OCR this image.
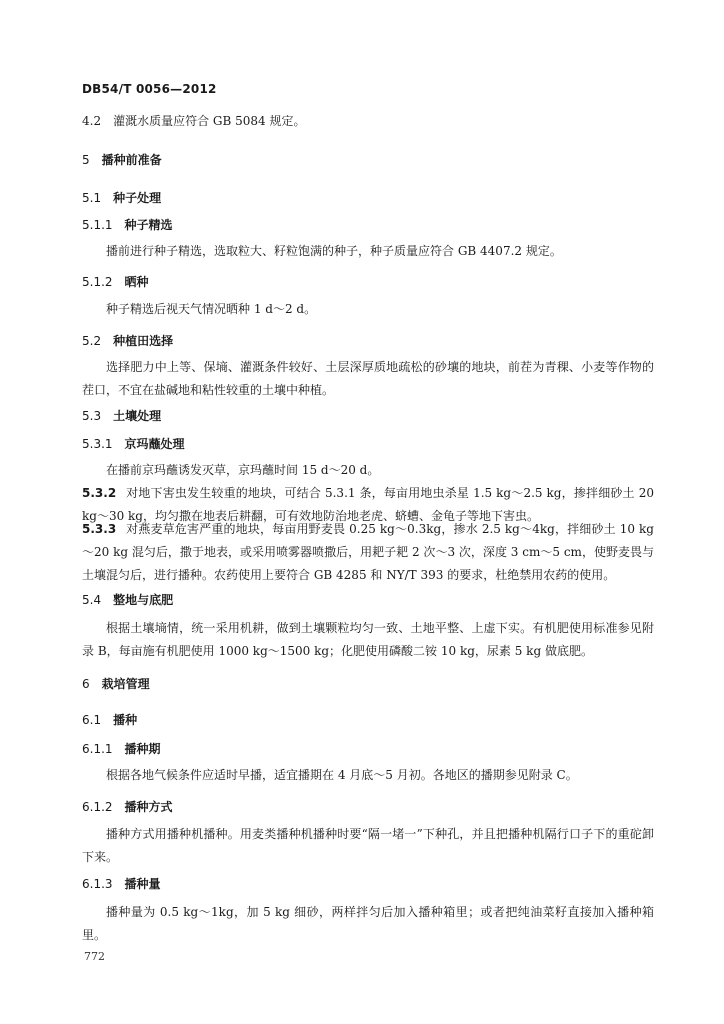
DB54/T 0056—2012
4.2 灌溉水质量应符合 GB 5084 规定。
5 播种前准备
5.1 种子处理
5.1.1 种子精选
播前进行种子精选，选取粒大、籽粒饱满的种子，种子质量应符合 GB 4407.2 规定。
5.1.2 晒种
种子精选后视天气情况晒种 1 d～2 d。
5.2 种植田选择
选择肥力中上等、保墒、灌溉条件较好、土层深厚质地疏松的砂壤的地块，前茬为青稞、小麦等作物的茬口，不宜在盐碱地和粘性较重的土壤中种植。
5.3 土壤处理
5.3.1 京玛蘸处理
在播前京玛蘸诱发灭草，京玛蘸时间 15 d～20 d。
5.3.2 对地下害虫发生较重的地块，可结合 5.3.1 条，每亩用地虫杀星 1.5 kg～2.5 kg，掺拌细砂土 20 kg～30 kg，均匀撒在地表后耕翻，可有效地防治地老虎、蛴螬、金龟子等地下害虫。
5.3.3 对燕麦草危害严重的地块，每亩用野麦畏 0.25 kg～0.3kg，掺水 2.5 kg～4kg，拌细砂土 10 kg～20 kg 混匀后，撒于地表，或采用喷雾器喷撒后，用耙子耙 2 次～3 次，深度 3 cm～5 cm，使野麦畏与土壤混匀后，进行播种。农药使用上要符合 GB 4285 和 NY/T 393 的要求，杜绝禁用农药的使用。
5.4 整地与底肥
根据土壤墒情，统一采用机耕，做到土壤颗粒均匀一致、土地平整、上虚下实。有机肥使用标准参见附录 B，每亩施有机肥使用 1000 kg～1500 kg；化肥使用磷酸二铵 10 kg，尿素 5 kg 做底肥。
6 栽培管理
6.1 播种
6.1.1 播种期
根据各地气候条件应适时早播，适宜播期在 4 月底～5 月初。各地区的播期参见附录 C。
6.1.2 播种方式
播种方式用播种机播种。用麦类播种机播种时要“隔一堵一”下种孔，并且把播种机隔行口子下的重砣卸下来。
6.1.3 播种量
播种量为 0.5 kg～1kg，加 5 kg 细砂，两样拌匀后加入播种箱里；或者把纯油菜籽直接加入播种箱里。
772
